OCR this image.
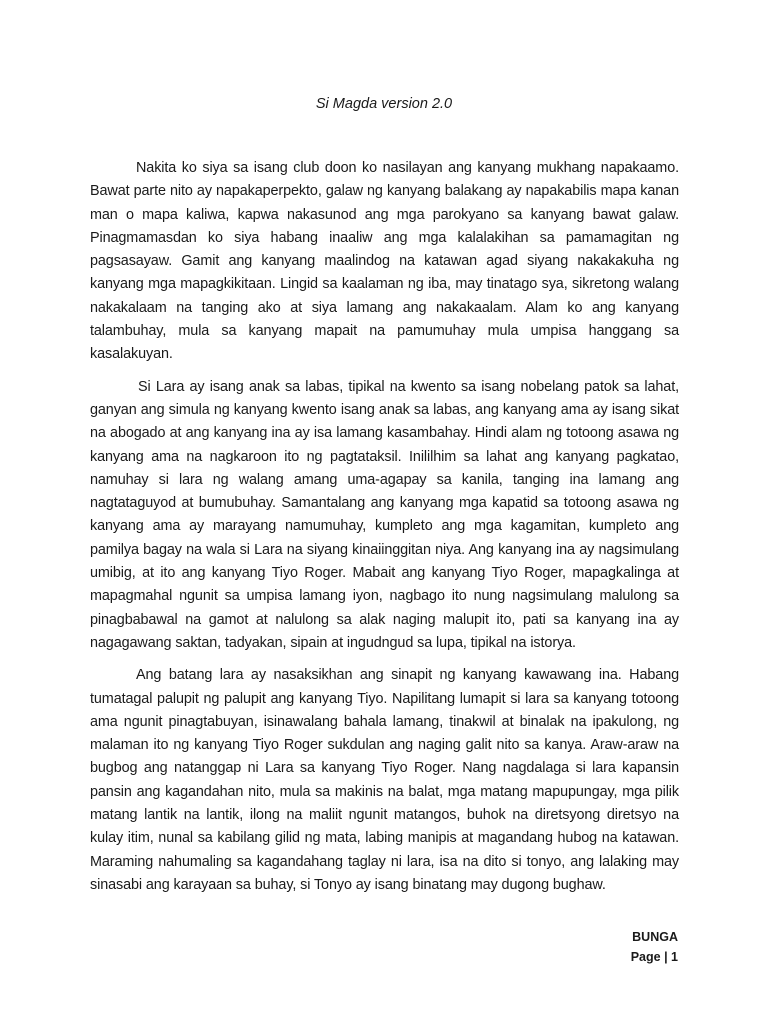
Si Magda version 2.0

Nakita ko siya sa isang club doon ko nasilayan ang kanyang mukhang napakaamo. Bawat parte nito ay napakaperpekto, galaw ng kanyang balakang ay napakabilis mapa kanan man o mapa kaliwa, kapwa nakasunod ang mga parokyano sa kanyang bawat galaw. Pinagmamasdan ko siya habang inaaliw ang mga kalalakihan sa pamamagitan ng pagsasayaw. Gamit ang kanyang maalindog na katawan agad siyang nakakakuha ng kanyang mga mapagkikitaan. Lingid sa kaalaman ng iba, may tinatago sya, sikretong walang nakakalaam na tanging ako at siya lamang ang nakakaalam. Alam ko ang kanyang talambuhay, mula sa kanyang mapait na pamumuhay mula umpisa hanggang sa kasalakuyan.

Si Lara ay isang anak sa labas, tipikal na kwento sa isang nobelang patok sa lahat, ganyan ang simula ng kanyang kwento isang anak sa labas, ang kanyang ama ay isang sikat na abogado at ang kanyang ina ay isa lamang kasambahay. Hindi alam ng totoong asawa ng kanyang ama na nagkaroon ito ng pagtataksil. Inililhim sa lahat ang kanyang pagkatao, namuhay si lara ng walang amang uma-agapay sa kanila, tanging ina lamang ang nagtataguyod at bumubuhay. Samantalang ang kanyang mga kapatid sa totoong asawa ng kanyang ama ay marayang namumuhay, kumpleto ang mga kagamitan, kumpleto ang pamilya bagay na wala si Lara na siyang kinaiinggitan niya. Ang kanyang ina ay nagsimulang umibig, at ito ang kanyang Tiyo Roger. Mabait ang kanyang Tiyo Roger, mapagkalinga at mapagmahal ngunit sa umpisa lamang iyon, nagbago ito nung nagsimulang malulong sa pinagbabawal na gamot at nalulong sa alak naging malupit ito, pati sa kanyang ina ay nagagawang saktan, tadyakan, sipain at ingudngud sa lupa, tipikal na istorya.

Ang batang lara ay nasaksikhan ang sinapit ng kanyang kawawang ina. Habang tumatagal palupit ng palupit ang kanyang Tiyo. Napilitang lumapit si lara sa kanyang totoong ama ngunit pinagtabuyan, isinawalang bahala lamang, tinakwil at binalak na ipakulong, ng malaman ito ng kanyang Tiyo Roger sukdulan ang naging galit nito sa kanya. Araw-araw na bugbog ang natanggap ni Lara sa kanyang Tiyo Roger. Nang nagdalaga si lara kapansin pansin ang kagandahan nito, mula sa makinis na balat, mga matang mapupungay, mga pilik matang lantik na lantik, ilong na maliit ngunit matangos, buhok na diretsyong diretsyo na kulay itim, nunal sa kabilang gilid ng mata, labing manipis at magandang hubog na katawan. Maraming nahumaling sa kagandahang taglay ni lara, isa na dito si tonyo, ang lalaking may sinasabi ang karayaan sa buhay, si Tonyo ay isang binatang may dugong bughaw.

BUNGA
Page | 1
